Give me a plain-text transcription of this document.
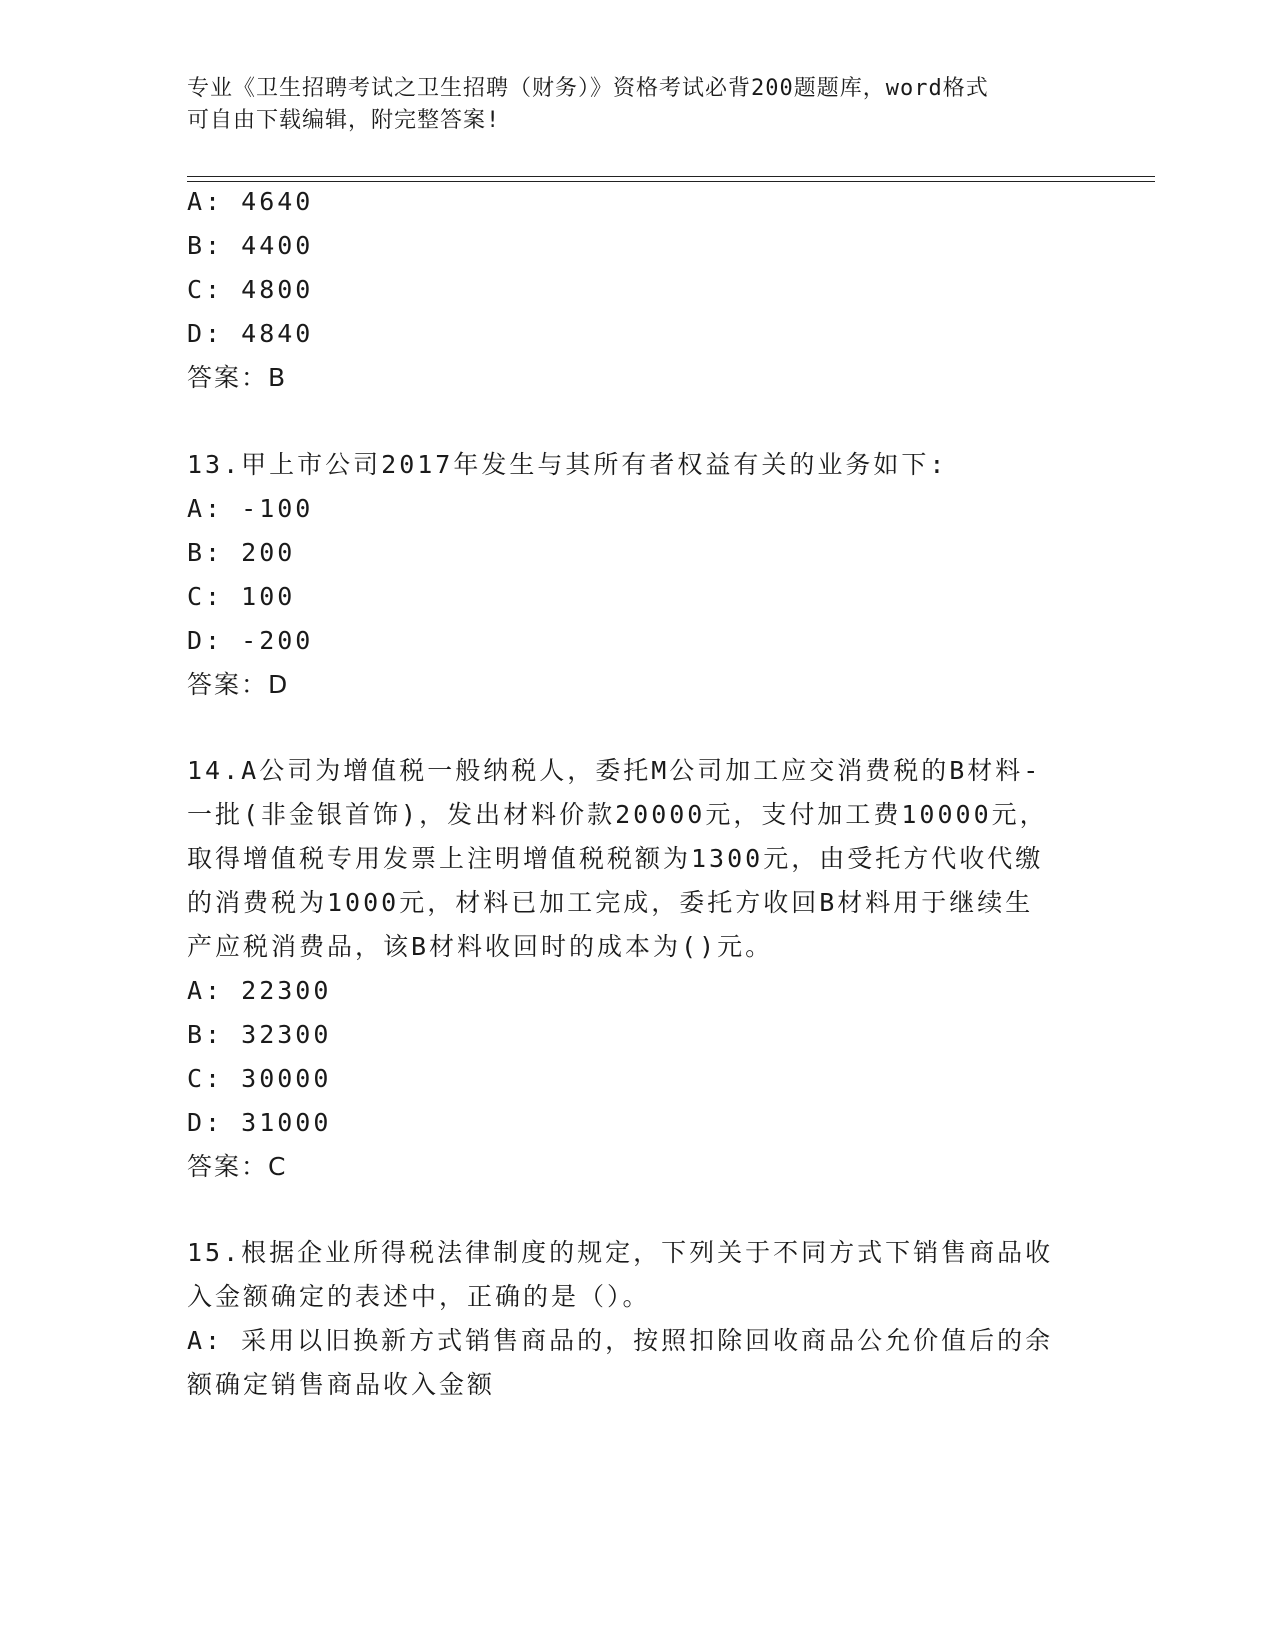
专业《卫生招聘考试之卫生招聘（财务）》资格考试必背200题题库，word格式
可自由下载编辑，附完整答案!
A: 4640
B: 4400
C: 4800
D: 4840
答案：B
13.甲上市公司2017年发生与其所有者权益有关的业务如下:
A: -100
B: 200
C: 100
D: -200
答案：D
14.A公司为增值税一般纳税人，委托M公司加工应交消费税的B材料-
一批(非金银首饰)，发出材料价款20000元，支付加工费10000元，
取得增值税专用发票上注明增值税税额为1300元，由受托方代收代缴
的消费税为1000元，材料已加工完成，委托方收回B材料用于继续生
产应税消费品，该B材料收回时的成本为()元。
A: 22300
B: 32300
C: 30000
D: 31000
答案：C
15.根据企业所得税法律制度的规定，下列关于不同方式下销售商品收
入金额确定的表述中，正确的是（）。
A: 采用以旧换新方式销售商品的，按照扣除回收商品公允价值后的余
额确定销售商品收入金额
